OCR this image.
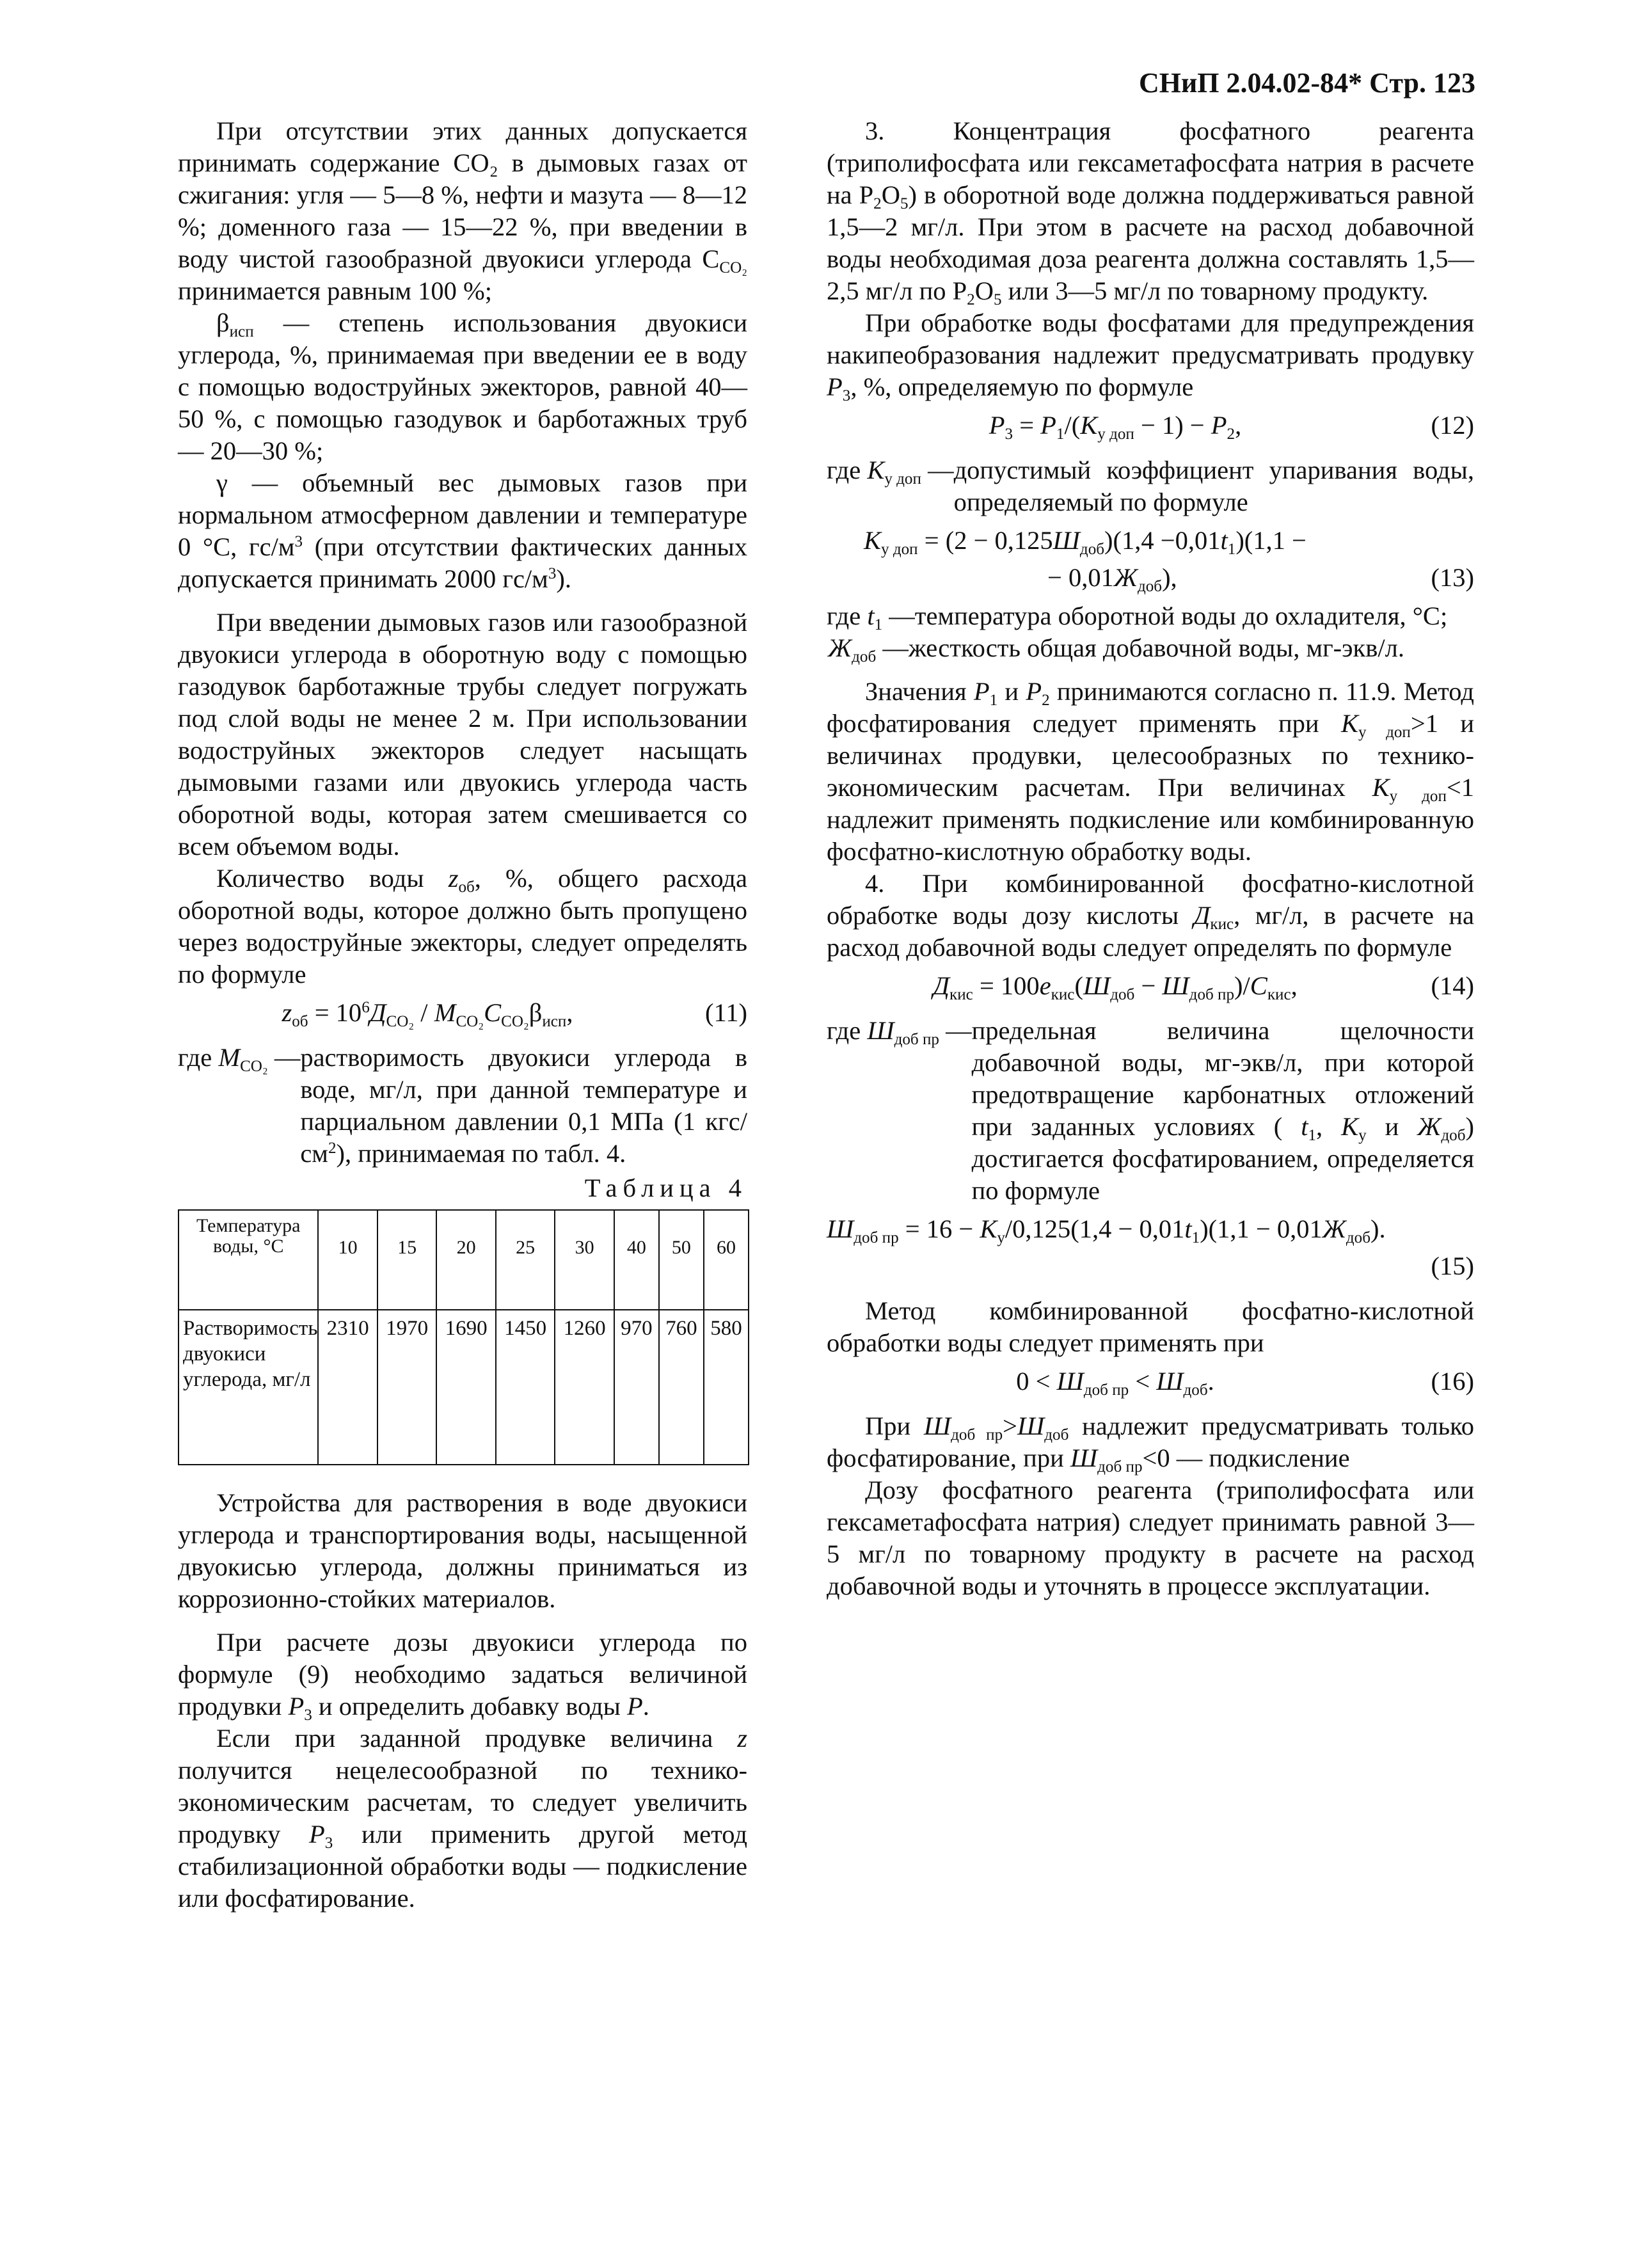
СНиП 2.04.02-84* Стр. 123

При отсутствии этих данных допускается принимать содержание CO₂ в дымовых газах от сжигания: угля — 5—8 %, нефти и мазута — 8—12 %; доменного газа — 15—22 %, при введении в воду чистой газообразной двуокиси углерода $C_{CO_2}$ принимается равным 100 %;

$\beta_{исп}$ — степень использования двуокиси углерода, %, принимаемая при введении ее в воду с помощью водоструйных эжекторов, равной 40—50 %, с помощью газодувок и барботажных труб — 20—30 %;

γ — объемный вес дымовых газов при нормальном атмосферном давлении и температуре 0 °С, $гс/м^3$ (при отсутствии фактических данных допускается принимать 2000 $гс/м^3$).

При введении дымовых газов или газообразной двуокиси углерода в оборотную воду с помощью газодувок барботажные трубы следует погружать под слой воды не менее 2 м. При использовании водоструйных эжекторов следует насыщать дымовыми газами или двуокись углерода часть оборотной воды, которая затем смешивается со всем объемом воды.

Количество воды $z_{об}$, %, общего расхода оборотной воды, которое должно быть пропущено через водоструйные эжекторы, следует определять по формуле

$z_{об} = 10^6Д_{CO_2} / M_{CO_2}C_{CO_2}\beta_{исп}$,	(11)
где $M_{CO_2}$ — растворимость двуокиси углерода в воде, мг/л, при данной температуре и парциальном давлении 0,1 МПа (1 кгс/$см^2$), принимаемая по табл. 4.
Таблица 4
Температура воды, °С	10	15	20	25	30	40	50	60
Растворимость двуокиси углерода, мг/л	2310	1970	1690	1450	1260	970	760	580

Устройства для растворения в воде двуокиси углерода и транспортирования воды, насыщенной двуокисью углерода, должны приниматься из коррозионно-стойких материалов.

При расчете дозы двуокиси углерода по формуле (9) необходимо задаться величиной продувки $P_3$ и определить добавку воды P.

Если при заданной продувке величина z получится нецелесообразной по технико-экономическим расчетам, то следует увеличить продувку $P_3$ или применить другой метод стабилизационной обработки воды — подкисление или фосфатирование.

3. Концентрация фосфатного реагента (триполифосфата или гексаметафосфата натрия в расчете на $P_2O_5$) в оборотной воде должна поддерживаться равной 1,5—2 мг/л. При этом в расчете на расход добавочной воды необходимая доза реагента должна составлять 1,5—2,5 мг/л по $P_2O_5$ или 3—5 мг/л по товарному продукту.

При обработке воды фосфатами для предупреждения накипеобразования надлежит предусматривать продувку $P_3$, %, определяемую по формуле

$P_3 = P_1/(K_{у доп} - 1) - P_2$,	(12)
где $K_{у доп}$ — допустимый коэффициент упаривания воды, определяемый по формуле
$K_{у доп} = (2 - 0,125Ш_{доб})(1,4 -0,01t_1)(1,1$ −
− $0,01Ж_{доб}$),	(13)
где $t_1$ — температура оборотной воды до охладителя, °С;
$Ж_{доб}$ — жесткость общая добавочной воды, мг-экв/л.

Значения $P_1$ и $P_2$ принимаются согласно п. 11.9. Метод фосфатирования следует применять при $K_{у доп}>1$ и величинах продувки, целесообразных по технико-экономическим расчетам. При величинах $K_{у доп}<1$ надлежит применять подкисление или комбинированную фосфатно-кислотную обработку воды.

4. При комбинированной фосфатно-кислотной обработке воды дозу кислоты $Д_{кис}$, мг/л, в расчете на расход добавочной воды следует определять по формуле

$Д_{кис} = 100e_{кис}(Ш_{доб} - Ш_{доб пр})/C_{кис}$,	(14)
где $Ш_{доб пр}$ — предельная величина щелочности добавочной воды, мг-экв/л, при которой предотвращение карбонатных отложений при заданных условиях ( $t_1$, $K_у$ и $Ж_{доб}$) достигается фосфатированием, определяется по формуле
$Ш_{доб пр} = 16 - K_у/0,125(1,4 - 0,01t_1)(1,1 - 0,01Ж_{доб})$.
(15)

Метод комбинированной фосфатно-кислотной обработки воды следует применять при

$0 < Ш_{доб пр} < Ш_{доб}$.	(16)

При $Ш_{доб пр}>Ш_{доб}$ надлежит предусматривать только фосфатирование, при $Ш_{доб пр}<0$ — подкисление

Дозу фосфатного реагента (триполифосфата или гексаметафосфата натрия) следует принимать равной 3—5 мг/л по товарному продукту в расчете на расход добавочной воды и уточнять в процессе эксплуатации.
